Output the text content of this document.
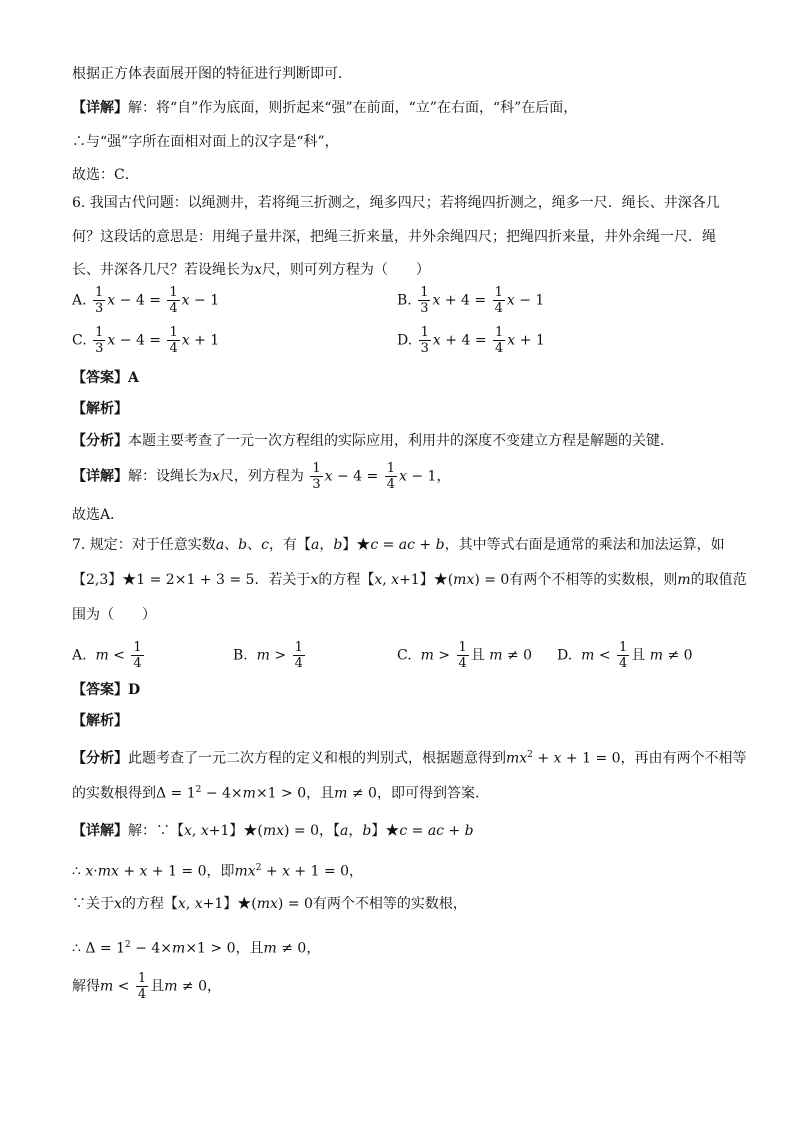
根据正方体表面展开图的特征进行判断即可．
【详解】解：将“自”作为底面，则折起来“强”在前面，“立”在右面，“科”在后面，
∴与“强”字所在面相对面上的汉字是“科”，
故选：C．
6. 我国古代问题：以绳测井，若将绳三折测之，绳多四尺；若将绳四折测之，绳多一尺．绳长、井深各几
何？这段话的意思是：用绳子量井深，把绳三折来量，井外余绳四尺；把绳四折来量，井外余绳一尺．绳
长、井深各几尺？若设绳长为x尺，则可列方程为（　　）
A. $\frac{1}{3}$ $x - 4 = \frac{1}{4}$ x − 1	B. $\frac{1}{3}$ $x + 4 = \frac{1}{4}$ x − 1
C. $\frac{1}{3}$ $x - 4 = \frac{1}{4}$ x + 1	D. $\frac{1}{3}$ $x + 4 = \frac{1}{4}$ x + 1
【答案】A
【解析】
【分析】本题主要考查了一元一次方程组的实际应用，利用井的深度不变建立方程是解题的关键．
【详解】解：设绳长为x尺，列方程为 $\frac{1}{3}$ $x - 4 = \frac{1}{4}$ x − 1，
故选A．
7. 规定：对于任意实数a、b、c，有【a，b】★c = ac + b，其中等式右面是通常的乘法和加法运算，如
【2,3】★1 = 2×1 + 3 = 5．若关于x的方程【x, x+1】★(mx) = 0有两个不相等的实数根，则m的取值范
围为（　　）
A. $m < \frac{1}{4}$	B. $m > \frac{1}{4}$	C. $m > \frac{1}{4}$ 且 m ≠ 0 D. $m < \frac{1}{4}$ 且 m ≠ 0
【答案】D
【解析】
【分析】此题考查了一元二次方程的定义和根的判别式，根据题意得到$mx^2 + x + 1 = 0$，再由有两个不相等
的实数根得到$\Delta = 1^2 - 4\times m\times 1 > 0$，且m ≠ 0，即可得到答案.
【详解】解：∵【x, x+1】★(mx) = 0，【a，b】★c = ac + b
∴ x·mx + x + 1 = 0，即$mx^2 + x + 1 = 0$，
∵关于x的方程【x, x+1】★(mx) = 0有两个不相等的实数根，
∴ $\Delta = 1^2 - 4\times m\times 1 > 0$，且m ≠ 0，
解得$m < \frac{1}{4}$ 且m ≠ 0，
